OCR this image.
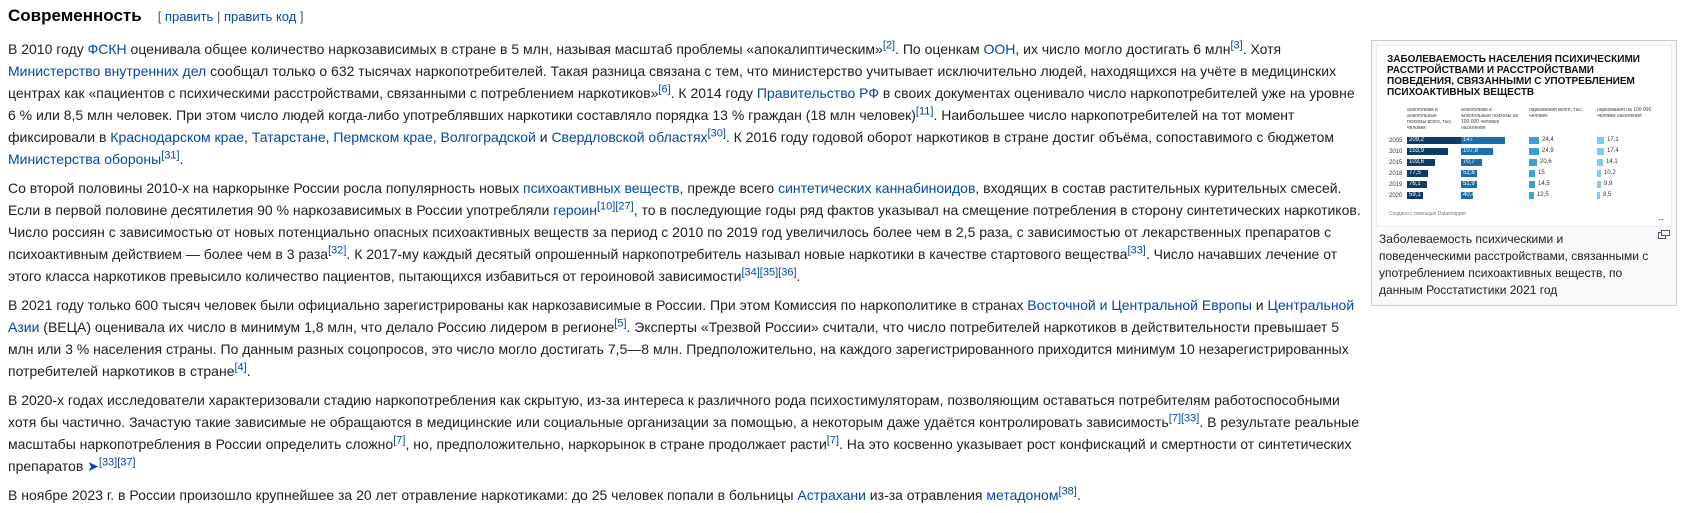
Современность [ править | править код ]

В 2010 году ФСКН оценивала общее количество наркозависимых в стране в 5 млн, называя масштаб проблемы «апокалиптическим»[2]. По оценкам ООН, их число могло достигать 6 млн[3]. Хотя Министерство внутренних дел сообщал только о 632 тысячах наркопотребителей. Такая разница связана с тем, что министерство учитывает исключительно людей, находящихся на учёте в медицинских центрах как «пациентов с психическими расстройствами, связанными с потреблением наркотиков»[6]. К 2014 году Правительство РФ в своих документах оценивало число наркопотребителей уже на уровне 6 % или 8,5 млн человек. При этом число людей когда-либо употреблявших наркотики составляло порядка 13 % граждан (18 млн человек)[11]. Наибольшее число наркопотребителей на тот момент фиксировали в Краснодарском крае, Татарстане, Пермском крае, Волгоградской и Свердловской областях[30]. К 2016 году годовой оборот наркотиков в стране достиг объёма, сопоставимого с бюджетом Министерства обороны[31].

Со второй половины 2010-х на наркорынке России росла популярность новых психоактивных веществ, прежде всего синтетических каннабиноидов, входящих в состав растительных курительных смесей. Если в первой половине десятилетия 90 % наркозависимых в России употребляли героин[10][27], то в последующие годы ряд фактов указывал на смещение потребления в сторону синтетических наркотиков. Число россиян с зависимостью от новых потенциально опасных психоактивных веществ за период с 2010 по 2019 год увеличилось более чем в 2,5 раза, с зависимостью от лекарственных препаратов с психоактивным действием — более чем в 3 раза[32]. К 2017-му каждый десятый опрошенный наркопотребитель называл новые наркотики в качестве стартового вещества[33]. Число начавших лечение от этого класса наркотиков превысило количество пациентов, пытающихся избавиться от героиновой зависимости[34][35][36].

В 2021 году только 600 тысяч человек были официально зарегистрированы как наркозависимые в России. При этом Комиссия по наркополитике в странах Восточной и Центральной Европы и Центральной Азии (ВЕЦА) оценивала их число в минимум 1,8 млн, что делало Россию лидером в регионе[5]. Эксперты «Трезвой России» считали, что число потребителей наркотиков в действительности превышает 5 млн или 3 % населения страны. По данным разных соцопросов, это число могло достигать 7,5—8 млн. Предположительно, на каждого зарегистрированного приходится минимум 10 незарегистрированных потребителей наркотиков в стране[4].

В 2020-х годах исследователи характеризовали стадию наркопотребления как скрытую, из-за интереса к различного рода психостимуляторам, позволяющим оставаться потребителям работоспособными хотя бы частично. Зачастую такие зависимые не обращаются в медицинские или социальные организации за помощью, а некоторым даже удаётся контролировать зависимость[7][33]. В результате реальные масштабы наркопотребления в России определить сложно[7], но, предположительно, наркорынок в стране продолжает расти[7]. На это косвенно указывает рост конфискаций и смертности от синтетических препаратов ➤[33][37]

В ноябре 2023 г. в России произошло крупнейшее за 20 лет отравление наркотиками: до 25 человек попали в больницы Астрахани из-за отравления метадоном[38].

ЗАБОЛЕВАЕМОСТЬ НАСЕЛЕНИЯ ПСИХИЧЕСКИМИ РАССТРОЙСТВАМИ И РАССТРОЙСТВАМИ ПОВЕДЕНИЯ, СВЯЗАННЫМИ С УПОТРЕБЛЕНИЕМ ПСИХОАКТИВНЫХ ВЕЩЕСТВ
Создано с помощью Datawrapper	↔
алкоголизм и алкогольные психозы всего, тыс. человек
алкоголизм и алкогольные психозы на 100 000 человек населения
наркомания всего, тыс. человек
наркомания на 100 000 человек населения
2005	209,2	147	24,4	17,1
2010	153,9	107,8	24,9	17,4
2015	103,6	70,7	20,6	14,1
2018	77,5	52,8	15	10,2
2019	76,1	51,9	14,5	9,9
2020	59,1	40,4	12,5	8,5
Заболеваемость психическими и поведенческими расстройствами, связанными с употреблением психоактивных веществ, по данным Росстатистики 2021 год
